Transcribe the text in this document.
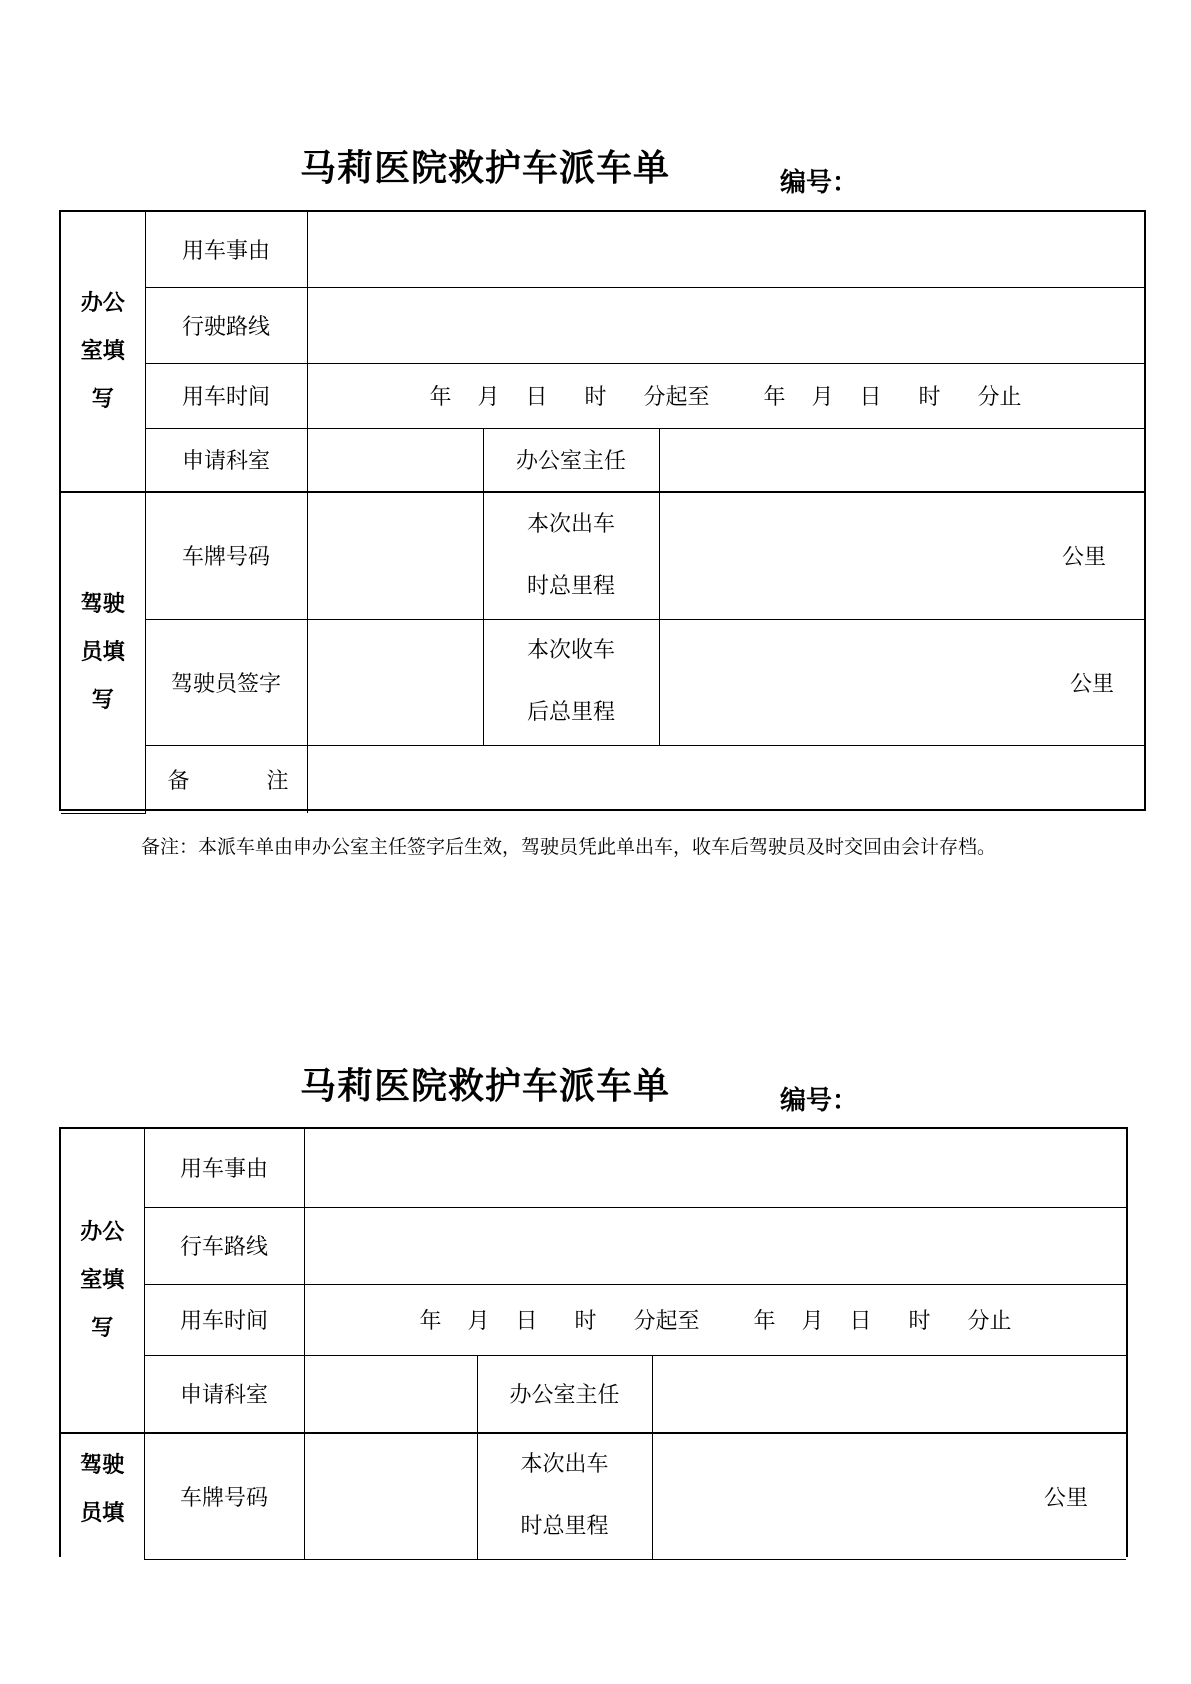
马莉医院救护车派车单	编号：
办公
室填
写	用车事由			
	行驶路线			
	用车时间	年 月 日 时 分起至 年 月 日 时 分止		
	申请科室		办公室主任	

驾驶
员填
写	车牌号码		本次出车
时总里程	公里
	驾驶员签字		本次收车
后总里程	公里

	备 注			

备注：本派车单由申办公室主任签字后生效，驾驶员凭此单出车，收车后驾驶员及时交回由会计存档。
马莉医院救护车派车单	编号：
办公
室填
写	用车事由			
	行车路线			
	用车时间	年 月 日 时 分起至 年 月 日 时 分止		
	申请科室		办公室主任	

驾驶
员填	车牌号码		本次出车
时总里程	公里
